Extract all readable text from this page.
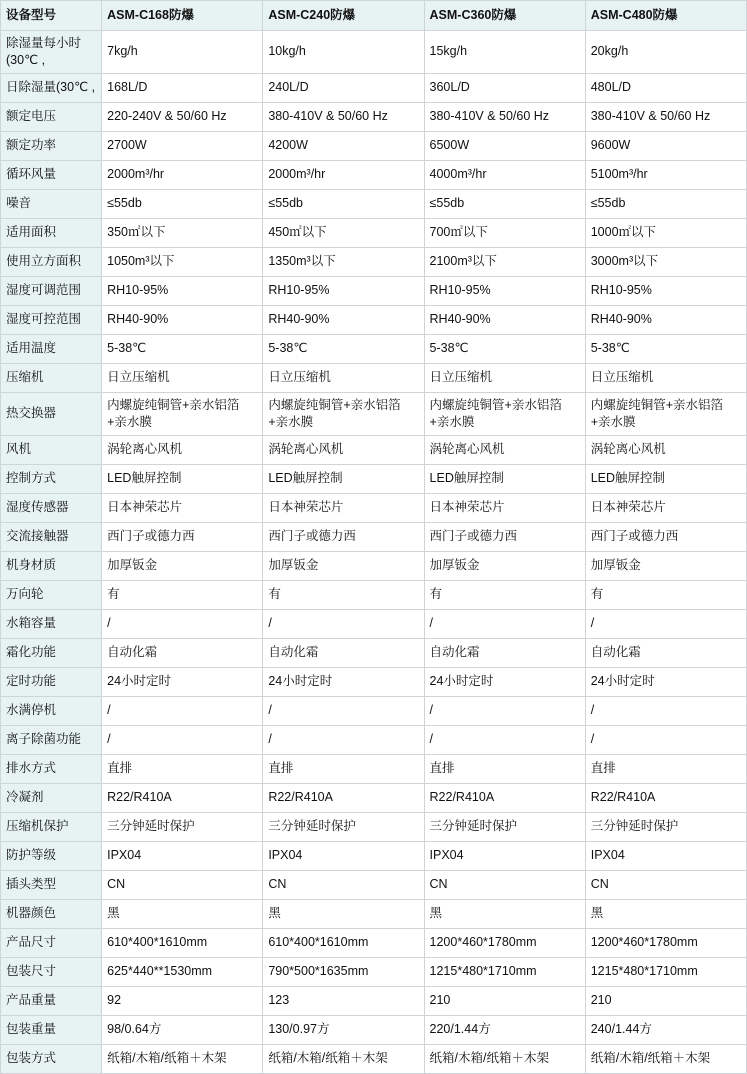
设备型号	ASM-C168防爆	ASM-C240防爆	ASM-C360防爆	ASM-C480防爆
除湿量每小时(30℃ ,	7kg/h	10kg/h	15kg/h	20kg/h
日除湿量(30℃ ,	168L/D	240L/D	360L/D	480L/D
额定电压	220-240V & 50/60 Hz	380-410V & 50/60 Hz	380-410V & 50/60 Hz	380-410V & 50/60 Hz
额定功率	2700W	4200W	6500W	9600W
循环风量	2000m³/hr	2000m³/hr	4000m³/hr	5100m³/hr
噪音	≤55db	≤55db	≤55db	≤55db
适用面积	350㎡以下	450㎡以下	700㎡以下	1000㎡以下
使用立方面积	1050m³以下	1350m³以下	2100m³以下	3000m³以下
湿度可调范围	RH10-95%	RH10-95%	RH10-95%	RH10-95%
湿度可控范围	RH40-90%	RH40-90%	RH40-90%	RH40-90%
适用温度	5-38℃	5-38℃	5-38℃	5-38℃
压缩机	日立压缩机	日立压缩机	日立压缩机	日立压缩机
热交换器	内螺旋纯铜管+亲水铝箔+亲水膜	内螺旋纯铜管+亲水铝箔+亲水膜	内螺旋纯铜管+亲水铝箔+亲水膜	内螺旋纯铜管+亲水铝箔+亲水膜
风机	涡轮离心风机	涡轮离心风机	涡轮离心风机	涡轮离心风机
控制方式	LED触屏控制	LED触屏控制	LED触屏控制	LED触屏控制
湿度传感器	日本神荣芯片	日本神荣芯片	日本神荣芯片	日本神荣芯片
交流接触器	西门子或德力西	西门子或德力西	西门子或德力西	西门子或德力西
机身材质	加厚钣金	加厚钣金	加厚钣金	加厚钣金
万向轮	有	有	有	有
水箱容量	/	/	/	/
霜化功能	自动化霜	自动化霜	自动化霜	自动化霜
定时功能	24小时定时	24小时定时	24小时定时	24小时定时
水满停机	/	/	/	/
离子除菌功能	/	/	/	/
排水方式	直排	直排	直排	直排
冷凝剂	R22/R410A	R22/R410A	R22/R410A	R22/R410A
压缩机保护	三分钟延时保护	三分钟延时保护	三分钟延时保护	三分钟延时保护
防护等级	IPX04	IPX04	IPX04	IPX04
插头类型	CN	CN	CN	CN
机器颜色	黑	黑	黑	黑
产品尺寸	610*400*1610mm	610*400*1610mm	1200*460*1780mm	1200*460*1780mm
包装尺寸	625*440**1530mm	790*500*1635mm	1215*480*1710mm	1215*480*1710mm
产品重量	92	123	210	210
包装重量	98/0.64方	130/0.97方	220/1.44方	240/1.44方
包装方式	纸箱/木箱/纸箱＋木架	纸箱/木箱/纸箱＋木架	纸箱/木箱/纸箱＋木架	纸箱/木箱/纸箱＋木架
